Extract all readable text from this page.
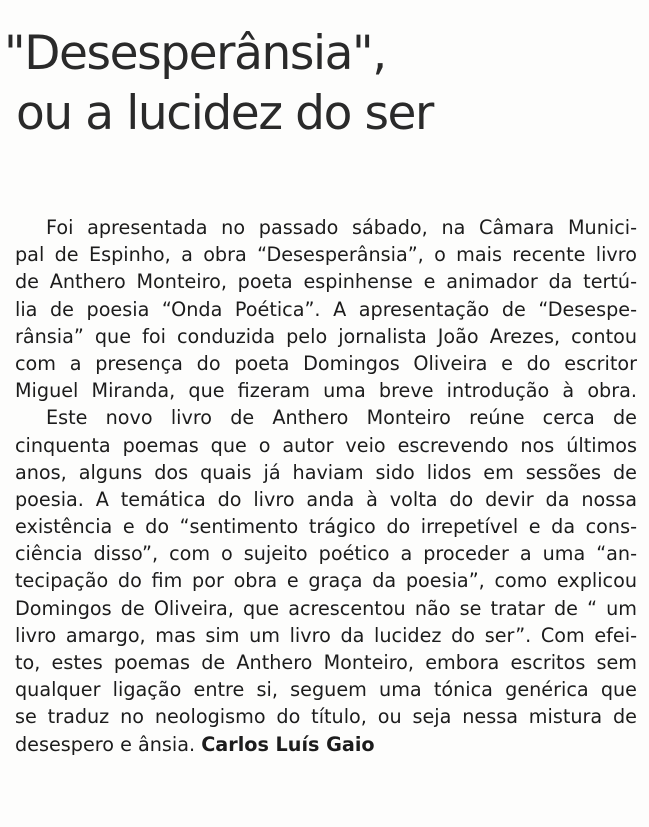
"Desesperânsia",
ou a lucidez do ser

Foi apresentada no passado sábado, na Câmara Munici-
pal de Espinho, a obra “Desesperânsia”, o mais recente livro
de Anthero Monteiro, poeta espinhense e animador da tertú-
lia de poesia “Onda Poética”. A apresentação de “Desespe-
rânsia” que foi conduzida pelo jornalista João Arezes, contou
com a presença do poeta Domingos Oliveira e do escritor
Miguel Miranda, que fizeram uma breve introdução à obra.

Este novo livro de Anthero Monteiro reúne cerca de
cinquenta poemas que o autor veio escrevendo nos últimos
anos, alguns dos quais já haviam sido lidos em sessões de
poesia. A temática do livro anda à volta do devir da nossa
existência e do “sentimento trágico do irrepetível e da cons-
ciência disso”, com o sujeito poético a proceder a uma “an-
tecipação do fim por obra e graça da poesia”, como explicou
Domingos de Oliveira, que acrescentou não se tratar de “ um
livro amargo, mas sim um livro da lucidez do ser”. Com efei-
to, estes poemas de Anthero Monteiro, embora escritos sem
qualquer ligação entre si, seguem uma tónica genérica que
se traduz no neologismo do título, ou seja nessa mistura de
desespero e ânsia. Carlos Luís Gaio
